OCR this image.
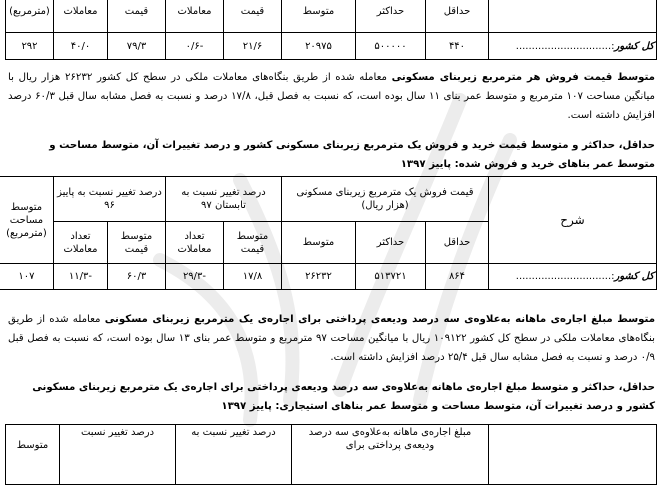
	حداقل	حداکثر	متوسط	قیمت	معاملات	قیمت	معاملات	(مترمربع)
کل کشور:..............................	۴۴۰	۵۰۰۰۰۰	۲۰۹۷۵	۲۱/۶	-۰/۶	۷۹/۳	۴۰/۰	۲۹۲

متوسط قیمت فروش هر مترمربع زیربنای مسکونی معامله شده از طریق بنگاه‌های معاملات ملکی در سطح کل کشور ۲۶۲۳۲ هزار ریال با میانگین مساحت ۱۰۷ مترمربع و متوسط عمر بنای ۱۱ سال بوده است، که نسبت به فصل قبل، ۱۷/۸ درصد و نسبت به فصل مشابه سال قبل ۶۰/۳ درصد افزایش داشته است.

حداقل، حداکثر و متوسط قیمت خرید و فروش یک مترمربع زیربنای مسکونی کشور و درصد تغییرات آن، متوسط مساحت و متوسط عمر بناهای خرید و فروش شده: پاییز ۱۳۹۷

شرح	قیمت فروش یک مترمربع زیربنای مسکونی (هزار ریال)			درصد تغییر نسبت به تابستان ۹۷		درصد تغییر نسبت به پاییز ۹۶		متوسط مساحت (مترمربع)	
	حداقل	حداکثر	متوسط	متوسط قیمت	تعداد معاملات	متوسط قیمت	تعداد معاملات		
کل کشور:..............................	۸۶۴	۵۱۳۷۲۱	۲۶۲۳۲	۱۷/۸	-۲۹/۳	۶۰/۳	-۱۱/۳	۱۰۷	

متوسط مبلغ اجاره‌ی ماهانه به‌علاوه‌ی سه درصد ودیعه‌ی پرداختی برای اجاره‌ی یک مترمربع زیربنای مسکونی معامله شده از طریق بنگاه‌های معاملات ملکی در سطح کل کشور ۱۰۹۱۲۲ ریال با میانگین مساحت ۹۷ مترمربع و متوسط عمر بنای ۱۳ سال بوده است، که نسبت به فصل قبل ۰/۹ درصد و نسبت به فصل مشابه سال قبل ۲۵/۴ درصد افزایش داشته است.

حداقل، حداکثر و متوسط مبلغ اجاره‌ی ماهانه به‌علاوه‌ی سه درصد ودیعه‌ی پرداختی برای اجاره‌ی یک مترمربع زیربنای مسکونی کشور و درصد تغییرات آن، متوسط مساحت و متوسط عمر بناهای استیجاری: پاییز ۱۳۹۷

	مبلغ اجاره‌ی ماهانه به‌علاوه‌ی سه درصد ودیعه‌ی پرداختی برای	درصد تغییر نسبت به	درصد تغییر نسبت	متوسط
